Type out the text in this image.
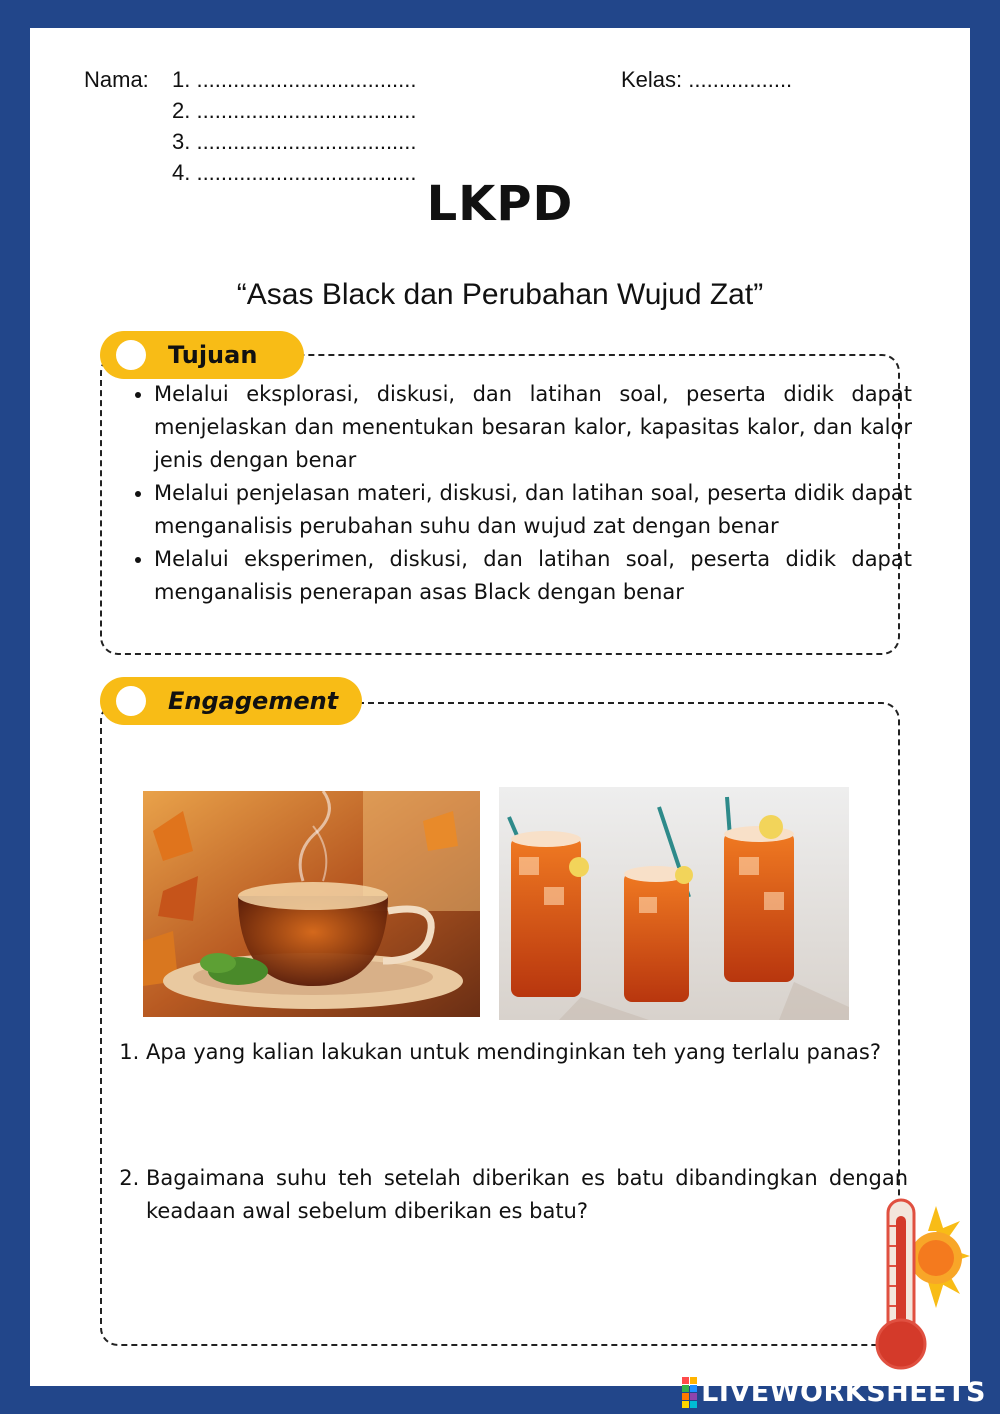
Nama: 1. ....................................
2. ....................................
3. ....................................
4. ....................................
Kelas: .................
LKPD
“Asas Black dan Perubahan Wujud Zat”
Tujuan
• Melalui eksplorasi, diskusi, dan latihan soal, peserta didik dapat menjelaskan dan menentukan besaran kalor, kapasitas kalor, dan kalor jenis dengan benar
• Melalui penjelasan materi, diskusi, dan latihan soal, peserta didik dapat menganalisis perubahan suhu dan wujud zat dengan benar
• Melalui eksperimen, diskusi, dan latihan soal, peserta didik dapat menganalisis penerapan asas Black dengan benar
Engagement
1. Apa yang kalian lakukan untuk mendinginkan teh yang terlalu panas?
2. Bagaimana suhu teh setelah diberikan es batu dibandingkan dengan keadaan awal sebelum diberikan es batu?
LIVEWORKSHEETS
